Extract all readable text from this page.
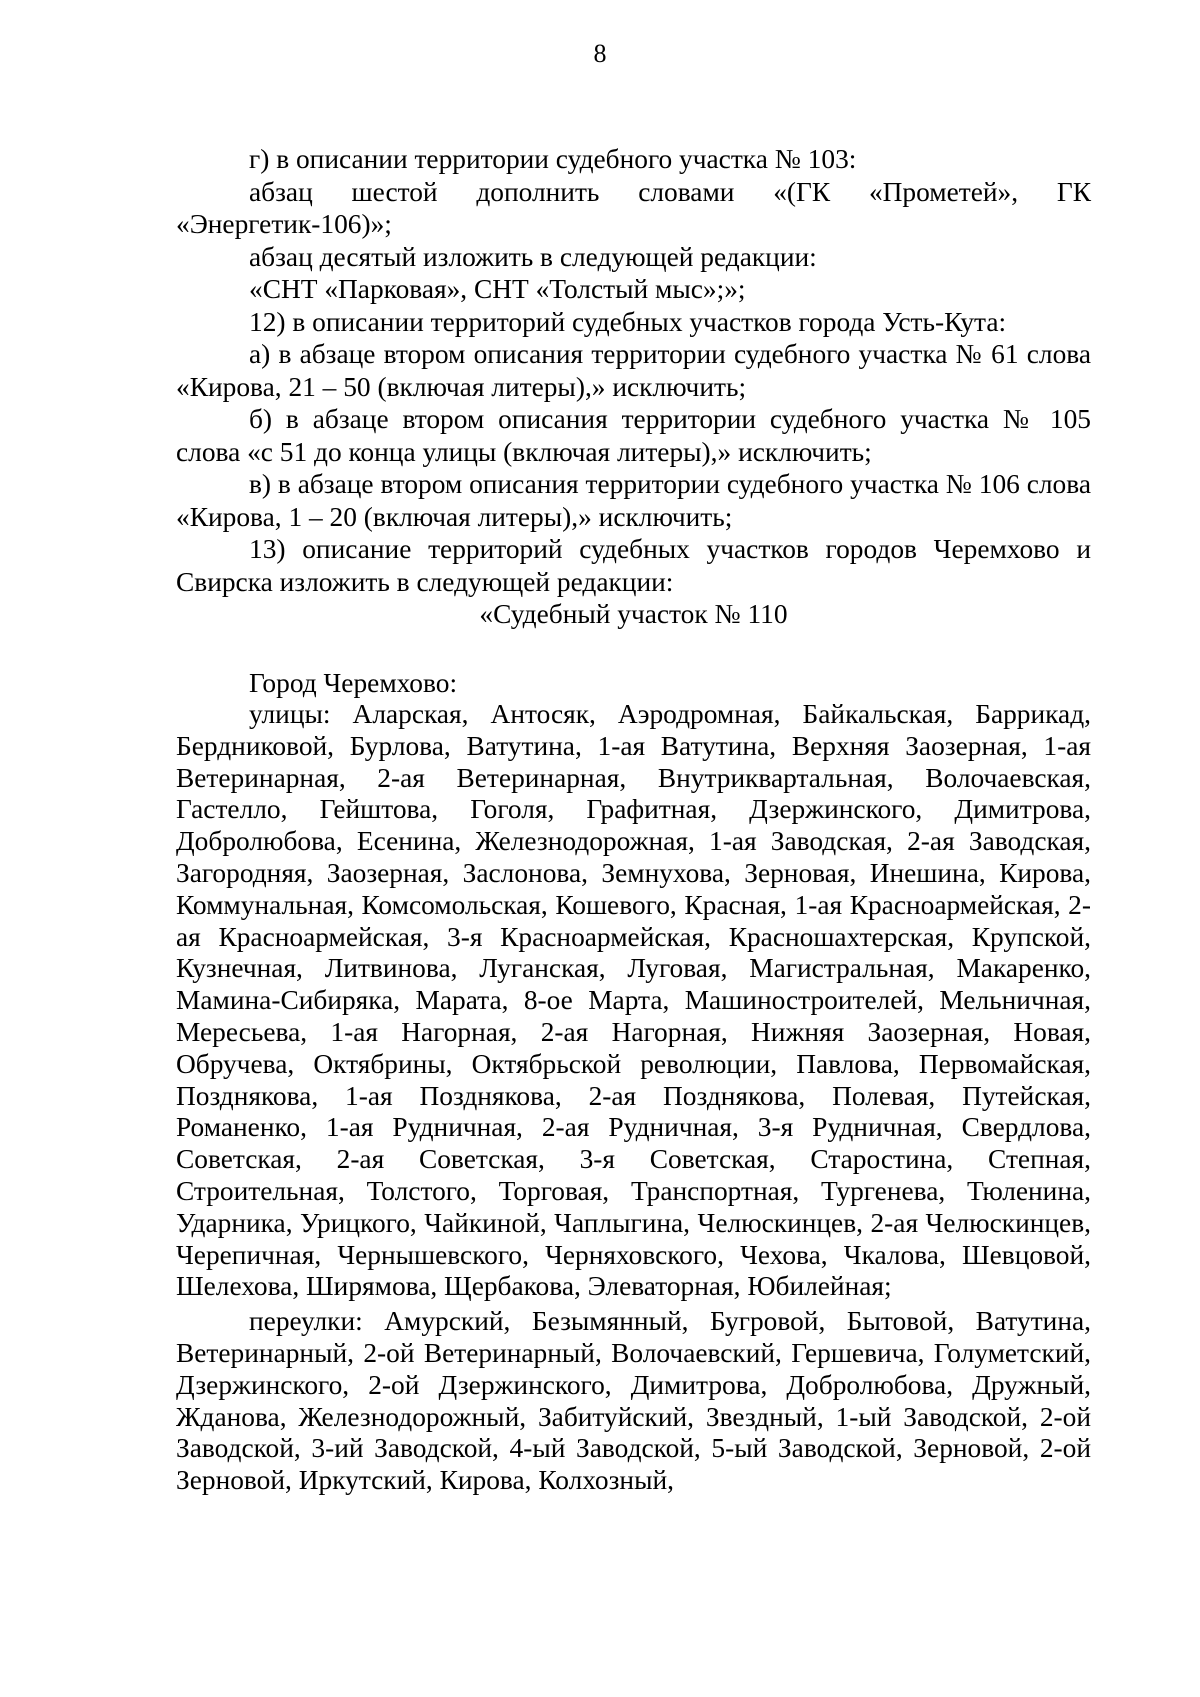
8

г) в описании территории судебного участка № 103:

абзац шестой дополнить словами «(ГК «Прометей», ГК «Энергетик-106)»;

абзац десятый изложить в следующей редакции:

«СНТ «Парковая», СНТ «Толстый мыс»;»;

12) в описании территорий судебных участков города Усть-Кута:

а) в абзаце втором описания территории судебного участка № 61 слова «Кирова, 21 – 50 (включая литеры),» исключить;

б) в абзаце втором описания территории судебного участка № 105 слова «с 51 до конца улицы (включая литеры),» исключить;

в) в абзаце втором описания территории судебного участка № 106 слова «Кирова, 1 – 20 (включая литеры),» исключить;

13) описание территорий судебных участков городов Черемхово и Свирска изложить в следующей редакции:

«Судебный участок № 110

Город Черемхово:

улицы: Аларская, Антосяк, Аэродромная, Байкальская, Баррикад, Бердниковой, Бурлова, Ватутина, 1-ая Ватутина, Верхняя Заозерная, 1-ая Ветеринарная, 2-ая Ветеринарная, Внутриквартальная, Волочаевская, Гастелло, Гейштова, Гоголя, Графитная, Дзержинского, Димитрова, Добролюбова, Есенина, Железнодорожная, 1-ая Заводская, 2-ая Заводская, Загородняя, Заозерная, Заслонова, Земнухова, Зерновая, Инешина, Кирова, Коммунальная, Комсомольская, Кошевого, Красная, 1-ая Красноармейская, 2-ая Красноармейская, 3-я Красноармейская, Красношахтерская, Крупской, Кузнечная, Литвинова, Луганская, Луговая, Магистральная, Макаренко, Мамина-Сибиряка, Марата, 8-ое Марта, Машиностроителей, Мельничная, Мересьева, 1-ая Нагорная, 2-ая Нагорная, Нижняя Заозерная, Новая, Обручева, Октябрины, Октябрьской революции, Павлова, Первомайская, Позднякова, 1-ая Позднякова, 2-ая Позднякова, Полевая, Путейская, Романенко, 1-ая Рудничная, 2-ая Рудничная, 3-я Рудничная, Свердлова, Советская, 2-ая Советская, 3-я Советская, Старостина, Степная, Строительная, Толстого, Торговая, Транспортная, Тургенева, Тюленина, Ударника, Урицкого, Чайкиной, Чаплыгина, Челюскинцев, 2-ая Челюскинцев, Черепичная, Чернышевского, Черняховского, Чехова, Чкалова, Шевцовой, Шелехова, Ширямова, Щербакова, Элеваторная, Юбилейная;

переулки: Амурский, Безымянный, Бугровой, Бытовой, Ватутина, Ветеринарный, 2-ой Ветеринарный, Волочаевский, Гершевича, Голуметский, Дзержинского, 2-ой Дзержинского, Димитрова, Добролюбова, Дружный, Жданова, Железнодорожный, Забитуйский, Звездный, 1-ый Заводской, 2-ой Заводской, 3-ий Заводской, 4-ый Заводской, 5-ый Заводской, Зерновой, 2-ой Зерновой, Иркутский, Кирова, Колхозный,
